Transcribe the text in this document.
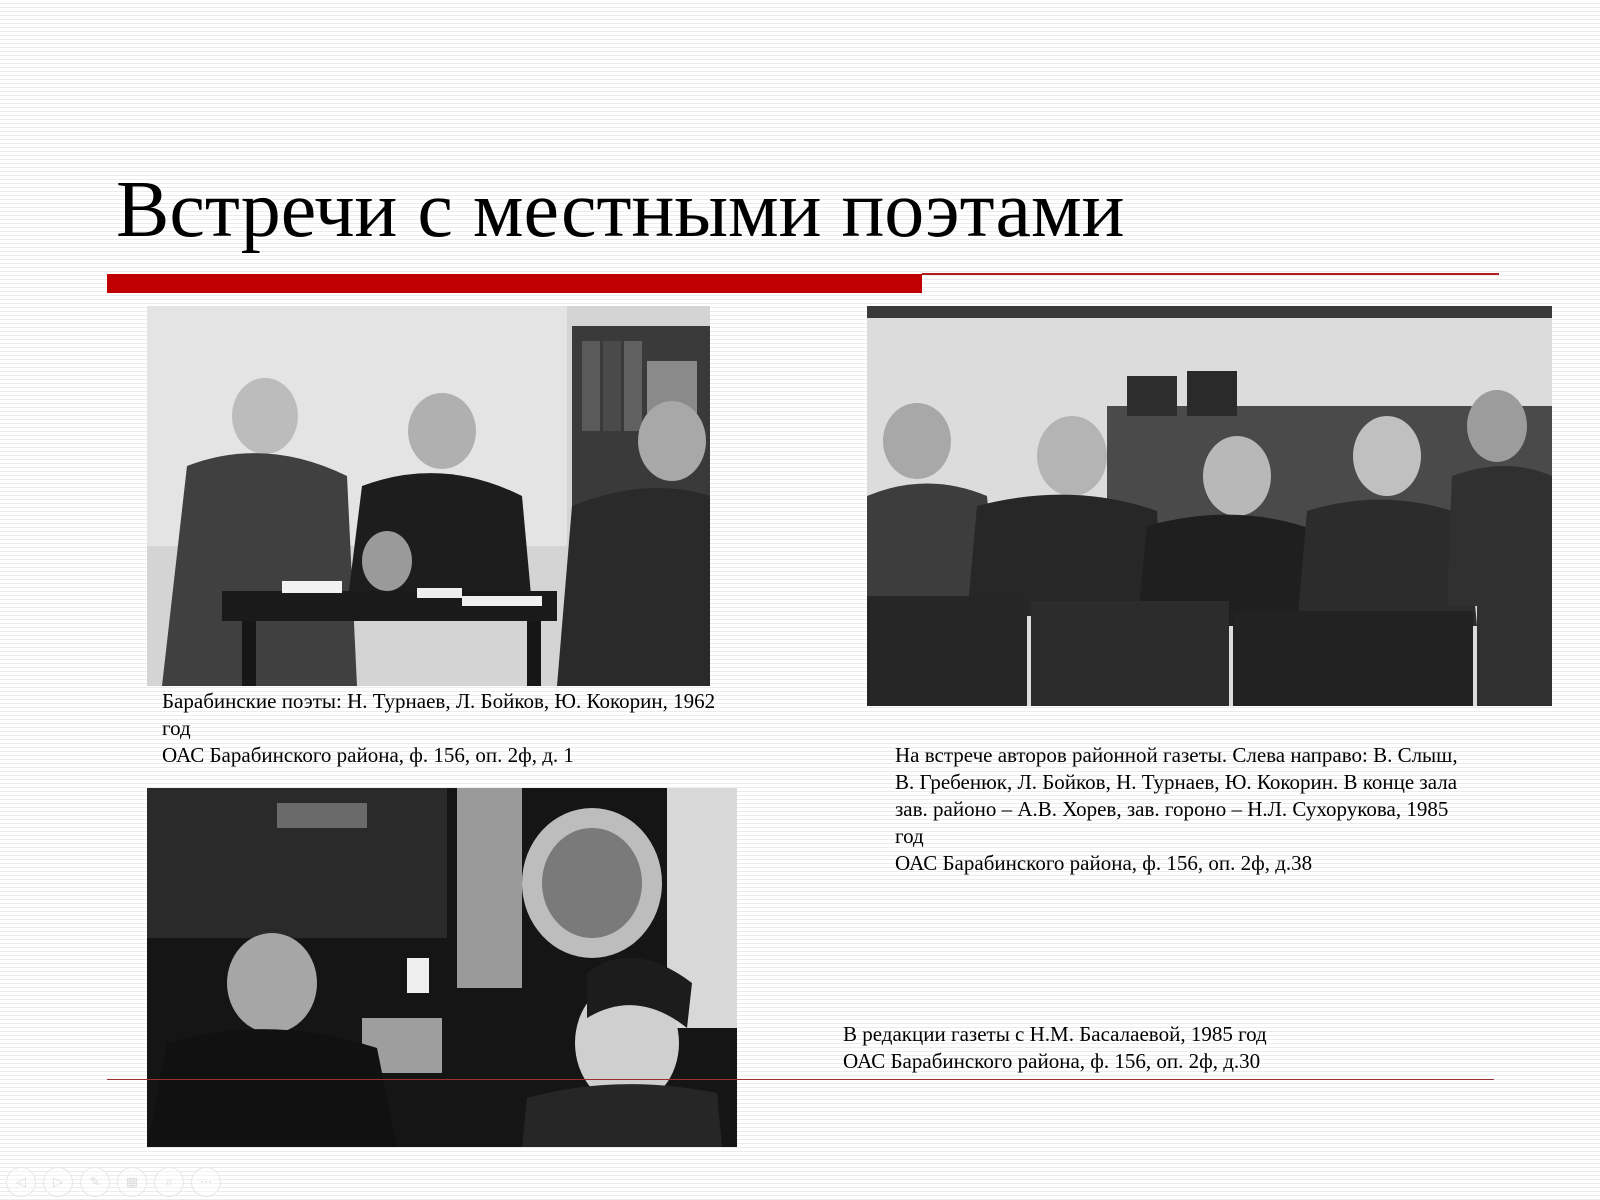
Встречи с местными поэтами
Барабинские поэты: Н. Турнаев, Л. Бойков, Ю. Кокорин, 1962
год
ОАС Барабинского района, ф. 156, оп. 2ф, д. 1	На встрече авторов районной газеты. Слева направо: В. Слыш,
В. Гребенюк, Л. Бойков, Н. Турнаев, Ю. Кокорин. В конце зала
зав. районо – А.В. Хорев, зав. гороно – Н.Л. Сухорукова, 1985
год
ОАС Барабинского района, ф. 156, оп. 2ф, д.38
В редакции газеты с Н.М. Басалаевой, 1985 год
ОАС Барабинского района, ф. 156, оп. 2ф, д.30
◁	▷	✎	▦	⌕	⋯
